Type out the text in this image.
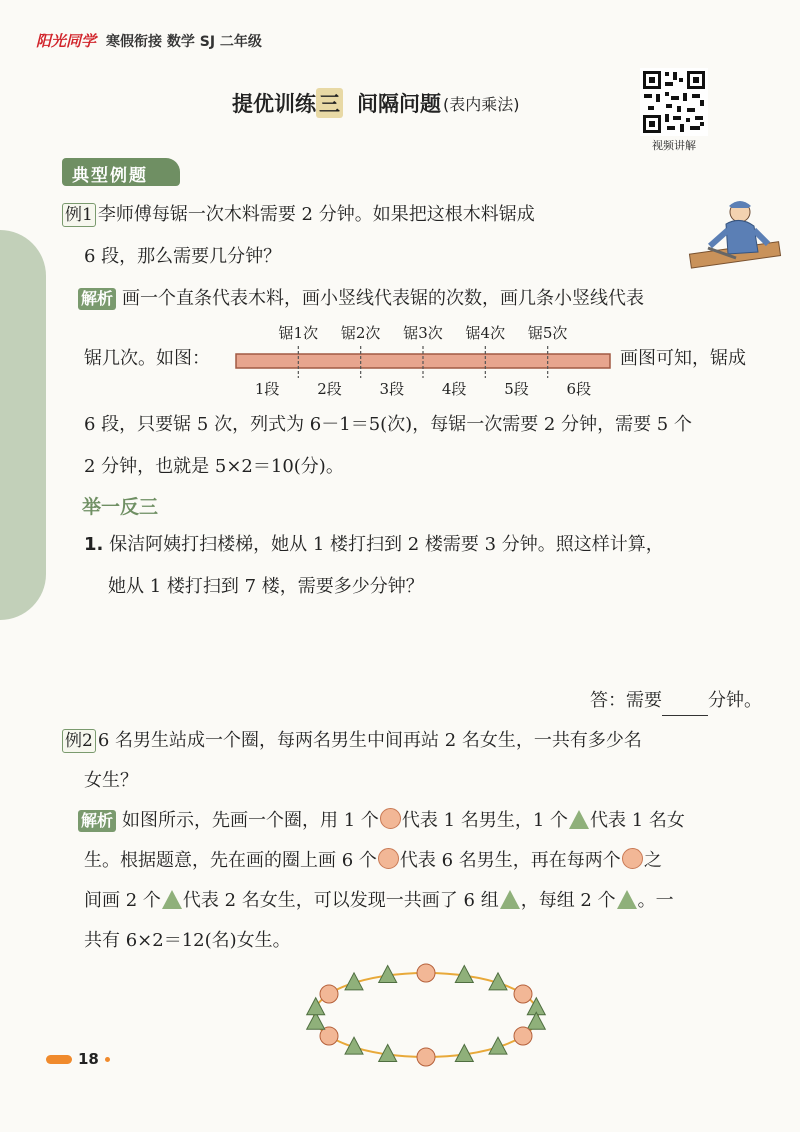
阳光同学 寒假衔接 数学 SJ 二年级
提优训练 三 间隔问题 (表内乘法)
视频讲解
典型例题
例1 李师傅每锯一次木料需要 2 分钟。如果把这根木料锯成
6 段，那么需要几分钟？
解析 画一个直条代表木料，画小竖线代表锯的次数，画几条小竖线代表
锯1次 锯2次 锯3次 锯4次 锯5次
1段	2段	3段	4段	5段	6段
锯几次。如图：	画图可知，锯成
6 段，只要锯 5 次，列式为 6－1＝5(次)，每锯一次需要 2 分钟，需要 5 个
2 分钟，也就是 5×2＝10(分)。
举一反三
1. 保洁阿姨打扫楼梯，她从 1 楼打扫到 2 楼需要 3 分钟。照这样计算，
她从 1 楼打扫到 7 楼，需要多少分钟？
答：需要	分钟。
例2 6 名男生站成一个圈，每两名男生中间再站 2 名女生，一共有多少名
女生？
解析 如图所示，先画一个圈，用 1 个 代表 1 名男生，1 个 代表 1 名女
生。根据题意，先在画的圈上画 6 个 代表 6 名男生，再在每两个 之
间画 2 个 代表 2 名女生，可以发现一共画了 6 组 ，每组 2 个 。一
共有 6×2＝12(名)女生。
18
